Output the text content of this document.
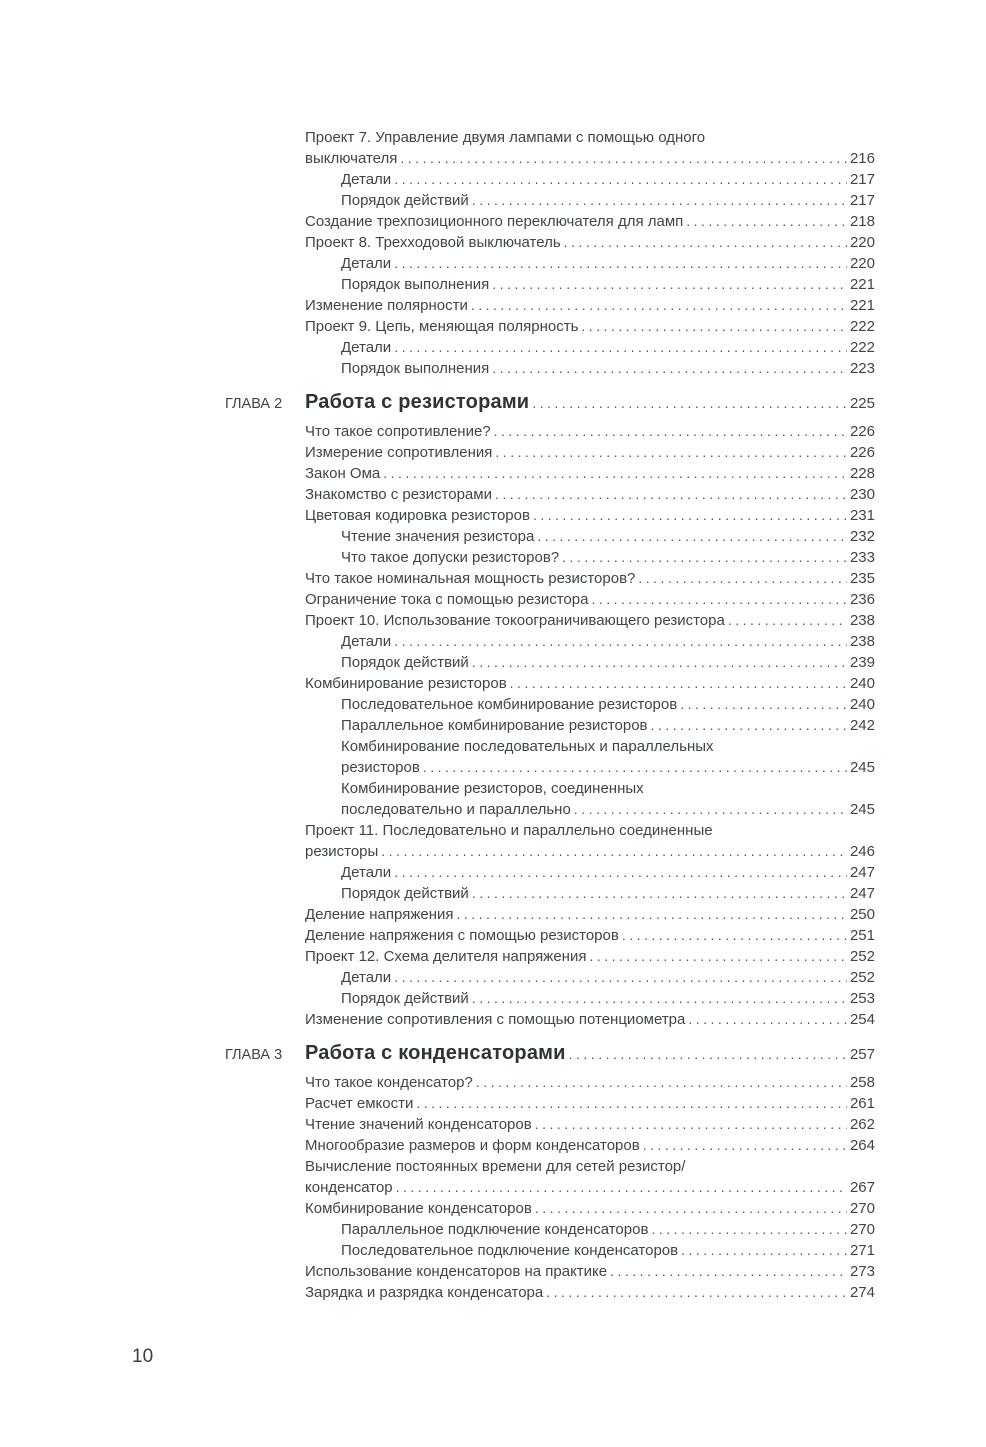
Проект 7. Управление двумя лампами с помощью одного
выключателя .....	216
Детали .....	217
Порядок действий .....	217
Создание трехпозиционного переключателя для ламп .....	218
Проект 8. Трехходовой выключатель .....	220
Детали .....	220
Порядок выполнения .....	221
Изменение полярности .....	221
Проект 9. Цепь, меняющая полярность .....	222
Детали .....	222
Порядок выполнения .....	223
ГЛАВА 2	Работа с резисторами .....	225
Что такое сопротивление? .....	226
Измерение сопротивления .....	226
Закон Ома .....	228
Знакомство с резисторами .....	230
Цветовая кодировка резисторов .....	231
Чтение значения резистора .....	232
Что такое допуски резисторов? .....	233
Что такое номинальная мощность резисторов? .....	235
Ограничение тока с помощью резистора .....	236
Проект 10. Использование токоограничивающего резистора .....	238
Детали .....	238
Порядок действий .....	239
Комбинирование резисторов .....	240
Последовательное комбинирование резисторов .....	240
Параллельное комбинирование резисторов .....	242
Комбинирование последовательных и параллельных
резисторов .....	245
Комбинирование резисторов, соединенных
последовательно и параллельно .....	245
Проект 11. Последовательно и параллельно соединенные
резисторы .....	246
Детали .....	247
Порядок действий .....	247
Деление напряжения .....	250
Деление напряжения с помощью резисторов .....	251
Проект 12. Схема делителя напряжения .....	252
Детали .....	252
Порядок действий .....	253
Изменение сопротивления с помощью потенциометра .....	254
ГЛАВА 3	Работа с конденсаторами .....	257
Что такое конденсатор? .....	258
Расчет емкости .....	261
Чтение значений конденсаторов .....	262
Многообразие размеров и форм конденсаторов .....	264
Вычисление постоянных времени для сетей резистор/
конденсатор .....	267
Комбинирование конденсаторов .....	270
Параллельное подключение конденсаторов .....	270
Последовательное подключение конденсаторов .....	271
Использование конденсаторов на практике .....	273
Зарядка и разрядка конденсатора .....	274
10
